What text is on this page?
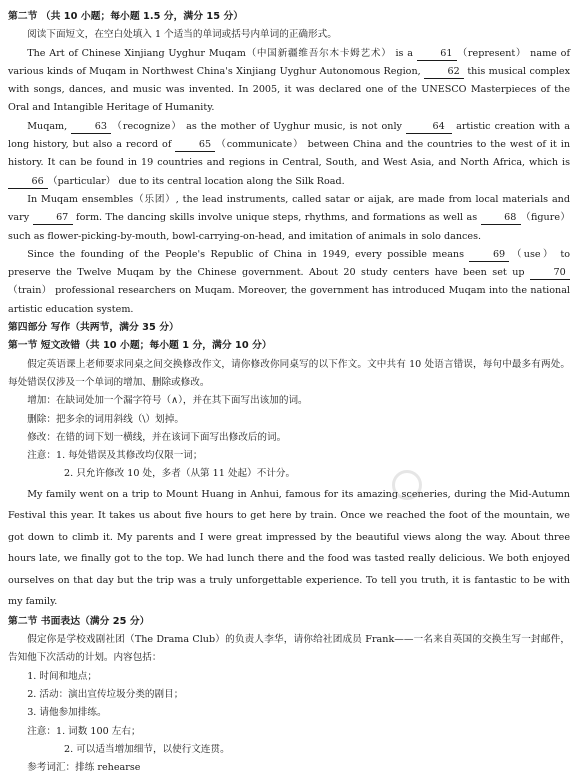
第二节 （共 10 小题；每小题 1.5 分，满分 15 分）

阅读下面短文，在空白处填入 1 个适当的单词或括号内单词的正确形式。

The Art of Chinese Xinjiang Uyghur Muqam（中国新疆维吾尔木卡姆艺术） is a 61 （represent） name of various kinds of Muqam in Northwest China's Xinjiang Uyghur Autonomous Region, 62 this musical complex with songs, dances, and music was invented. In 2005, it was declared one of the UNESCO Masterpieces of the Oral and Intangible Heritage of Humanity.

Muqam, 63 （recognize） as the mother of Uyghur music, is not only	64 artistic creation with a long history, but also a record of 65 （communicate） between China and the countries to the west of it in history. It can be found in 19 countries and regions in Central, South, and West Asia, and North Africa, which is 66 （particular） due to its central location along the Silk Road.

In Muqam ensembles（乐团）, the lead instruments, called satar or aijak, are made from local materials and vary 67 form. The dancing skills involve unique steps, rhythms, and formations as well as 68 （figure） such as flower-picking-by-mouth, bowl-carrying-on-head, and imitation of animals in solo dances.

Since the founding of the People's Republic of China in 1949, every possible means 69 （use） to preserve the Twelve Muqam by the Chinese government. About 20 study centers have been set up 70（train） professional researchers on Muqam. Moreover, the government has introduced Muqam into the national artistic education system.

第四部分 写作（共两节，满分 35 分）

第一节 短文改错（共 10 小题；每小题 1 分，满分 10 分）

假定英语课上老师要求同桌之间交换修改作文，请你修改你同桌写的以下作文。文中共有 10 处语言错误，每句中最多有两处。每处错误仅涉及一个单词的增加、删除或修改。

增加：在缺词处加一个漏字符号（∧），并在其下面写出该加的词。

删除：把多余的词用斜线（\）划掉。

修改：在错的词下划一横线，并在该词下面写出修改后的词。

注意：1. 每处错误及其修改均仅限一词；

2. 只允许修改 10 处，多者（从第 11 处起）不计分。

My family went on a trip to Mount Huang in Anhui, famous for its amazing sceneries, during the Mid-Autumn Festival this year. It takes us about five hours to get here by train. Once we reached the foot of the mountain, we got down to climb it. My parents and I were great impressed by the beautiful views along the way. About three hours late, we finally got to the top. We had lunch there and the food was tasted really delicious. We both enjoyed ourselves on that day but the trip was a truly unforgettable experience. To tell you truth, it is fantastic to be with my family.

第二节 书面表达（满分 25 分）

假定你是学校戏剧社团（The Drama Club）的负责人李华，请你给社团成员 Frank——一名来自英国的交换生写一封邮件，告知他下次活动的计划。内容包括：

1. 时间和地点；

2. 活动：演出宣传垃圾分类的剧目；

3. 请他参加排练。

注意：1. 词数 100 左右；

2. 可以适当增加细节，以使行文连贯。

参考词汇：排练 rehearse
